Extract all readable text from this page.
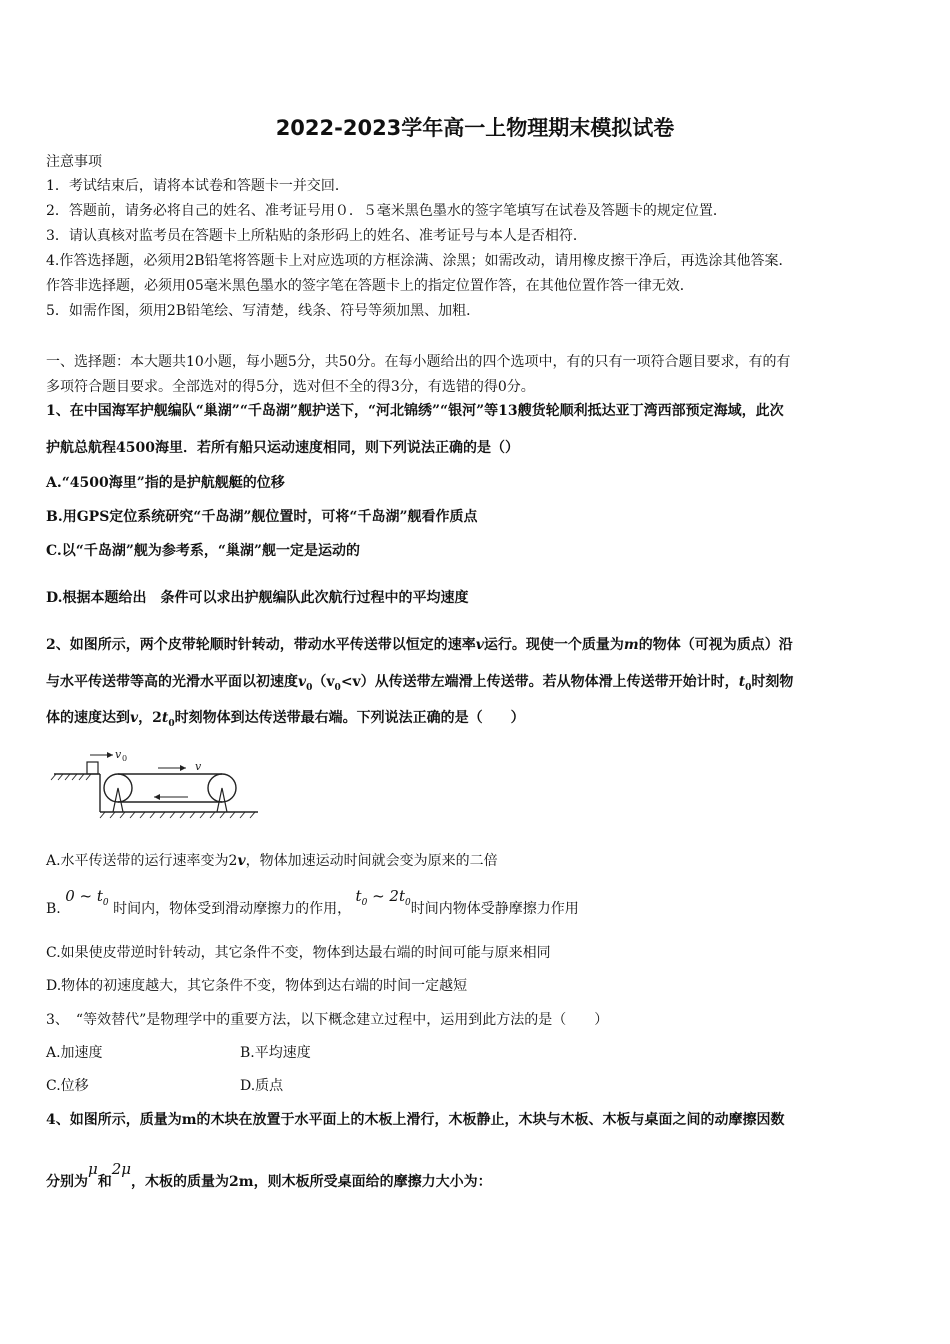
2022-2023学年高一上物理期末模拟试卷
注意事项
1．考试结束后，请将本试卷和答题卡一并交回．
2．答题前，请务必将自己的姓名、准考证号用０．５毫米黑色墨水的签字笔填写在试卷及答题卡的规定位置．
3．请认真核对监考员在答题卡上所粘贴的条形码上的姓名、准考证号与本人是否相符．
4.作答选择题，必须用2B铅笔将答题卡上对应选项的方框涂满、涂黑；如需改动，请用橡皮擦干净后，再选涂其他答案．
作答非选择题，必须用05毫米黑色墨水的签字笔在答题卡上的指定位置作答，在其他位置作答一律无效．
5．如需作图，须用2B铅笔绘、写清楚，线条、符号等须加黑、加粗．
一、选择题：本大题共10小题，每小题5分，共50分。在每小题给出的四个选项中，有的只有一项符合题目要求，有的有
多项符合题目要求。全部选对的得5分，选对但不全的得3分，有选错的得0分。
1、在中国海军护舰编队“巢湖”“千岛湖”舰护送下，“河北锦绣”“银河”等13艘货轮顺利抵达亚丁湾西部预定海域，此次
护航总航程4500海里．若所有船只运动速度相同，则下列说法正确的是（）
A.“4500海里”指的是护航舰艇的位移
B.用GPS定位系统研究“千岛湖”舰位置时，可将“千岛湖”舰看作质点
C.以“千岛湖”舰为参考系，“巢湖”舰一定是运动的
D.根据本题给出　条件可以求出护舰编队此次航行过程中的平均速度
2、如图所示，两个皮带轮顺时针转动，带动水平传送带以恒定的速率v运行。现使一个质量为m的物体（可视为质点）沿
与水平传送带等高的光滑水平面以初速度$v_0(v_0<v)$从传送带左端滑上传送带。若从物体滑上传送带开始计时，$t_0$时刻物
体的速度达到v，$2t_0$时刻物体到达传送带最右端。下列说法正确的是（　　）
v 0
v
A.水平传送带的运行速率变为2v，物体加速运动时间就会变为原来的二倍
B. 0 ~ $t_0$ 时间内，物体受到滑动摩擦力的作用， $t_0$ ~ $2t_0$时间内物体受静摩擦力作用
C.如果使皮带逆时针转动，其它条件不变，物体到达最右端的时间可能与原来相同
D.物体的初速度越大，其它条件不变，物体到达右端的时间一定越短
3、　“等效替代”是物理学中的重要方法，以下概念建立过程中，运用到此方法的是（　　）
A.加速度	B.平均速度
C.位移	D.质点
4、如图所示，质量为m的木块在放置于水平面上的木板上滑行，木板静止，木块与木板、木板与桌面之间的动摩擦因数
分别为μ和2μ，木板的质量为2m，则木板所受桌面给的摩擦力大小为：
